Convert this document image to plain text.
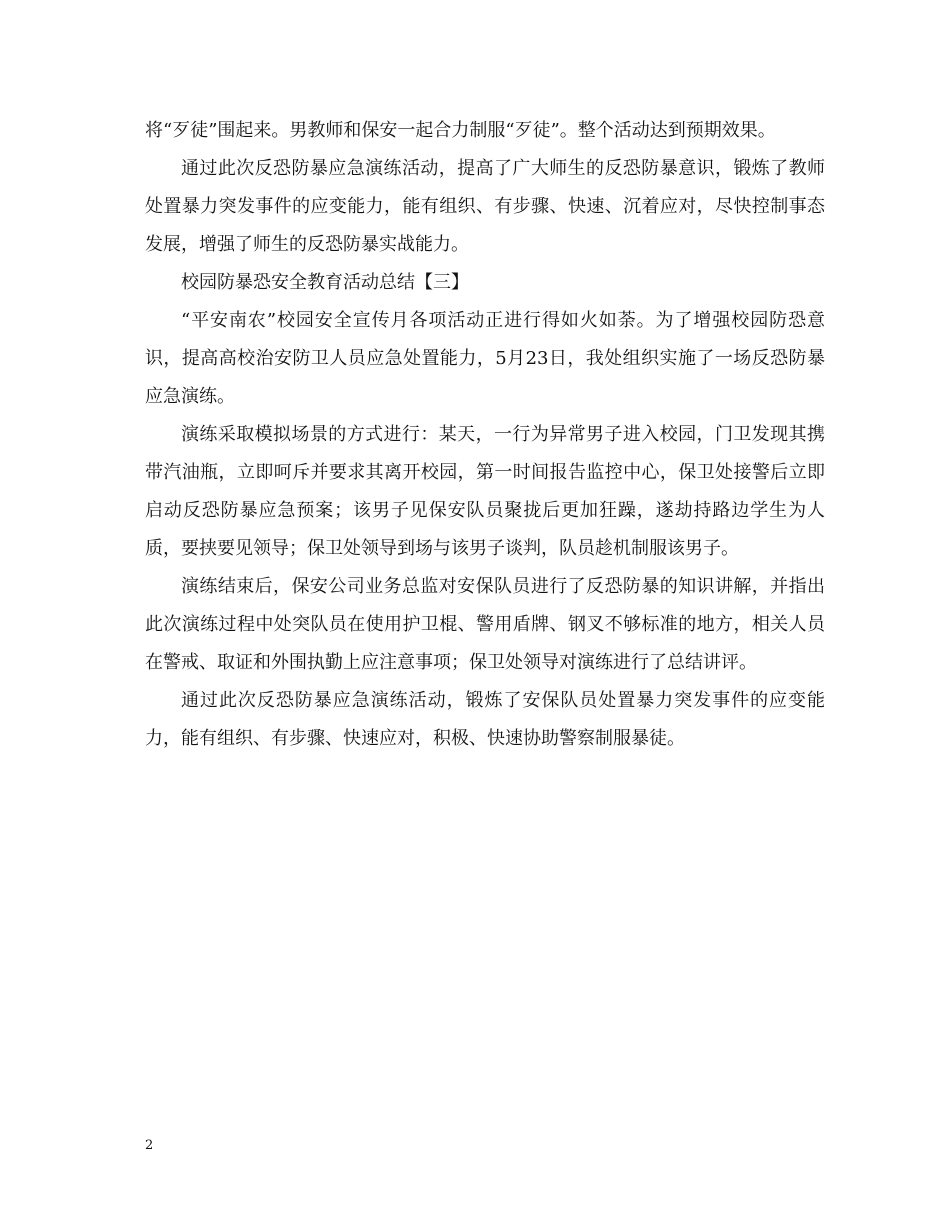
将“歹徒”围起来。男教师和保安一起合力制服“歹徒”。整个活动达到预期效果。

通过此次反恐防暴应急演练活动，提高了广大师生的反恐防暴意识，锻炼了教师处置暴力突发事件的应变能力，能有组织、有步骤、快速、沉着应对，尽快控制事态发展，增强了师生的反恐防暴实战能力。

校园防暴恐安全教育活动总结【三】

“平安南农”校园安全宣传月各项活动正进行得如火如荼。为了增强校园防恐意识，提高高校治安防卫人员应急处置能力，5月23日，我处组织实施了一场反恐防暴应急演练。

演练采取模拟场景的方式进行：某天，一行为异常男子进入校园，门卫发现其携带汽油瓶，立即呵斥并要求其离开校园，第一时间报告监控中心，保卫处接警后立即启动反恐防暴应急预案；该男子见保安队员聚拢后更加狂躁，遂劫持路边学生为人质，要挟要见领导；保卫处领导到场与该男子谈判，队员趁机制服该男子。

演练结束后，保安公司业务总监对安保队员进行了反恐防暴的知识讲解，并指出此次演练过程中处突队员在使用护卫棍、警用盾牌、钢叉不够标准的地方，相关人员在警戒、取证和外围执勤上应注意事项；保卫处领导对演练进行了总结讲评。

通过此次反恐防暴应急演练活动，锻炼了安保队员处置暴力突发事件的应变能力，能有组织、有步骤、快速应对，积极、快速协助警察制服暴徒。

2
